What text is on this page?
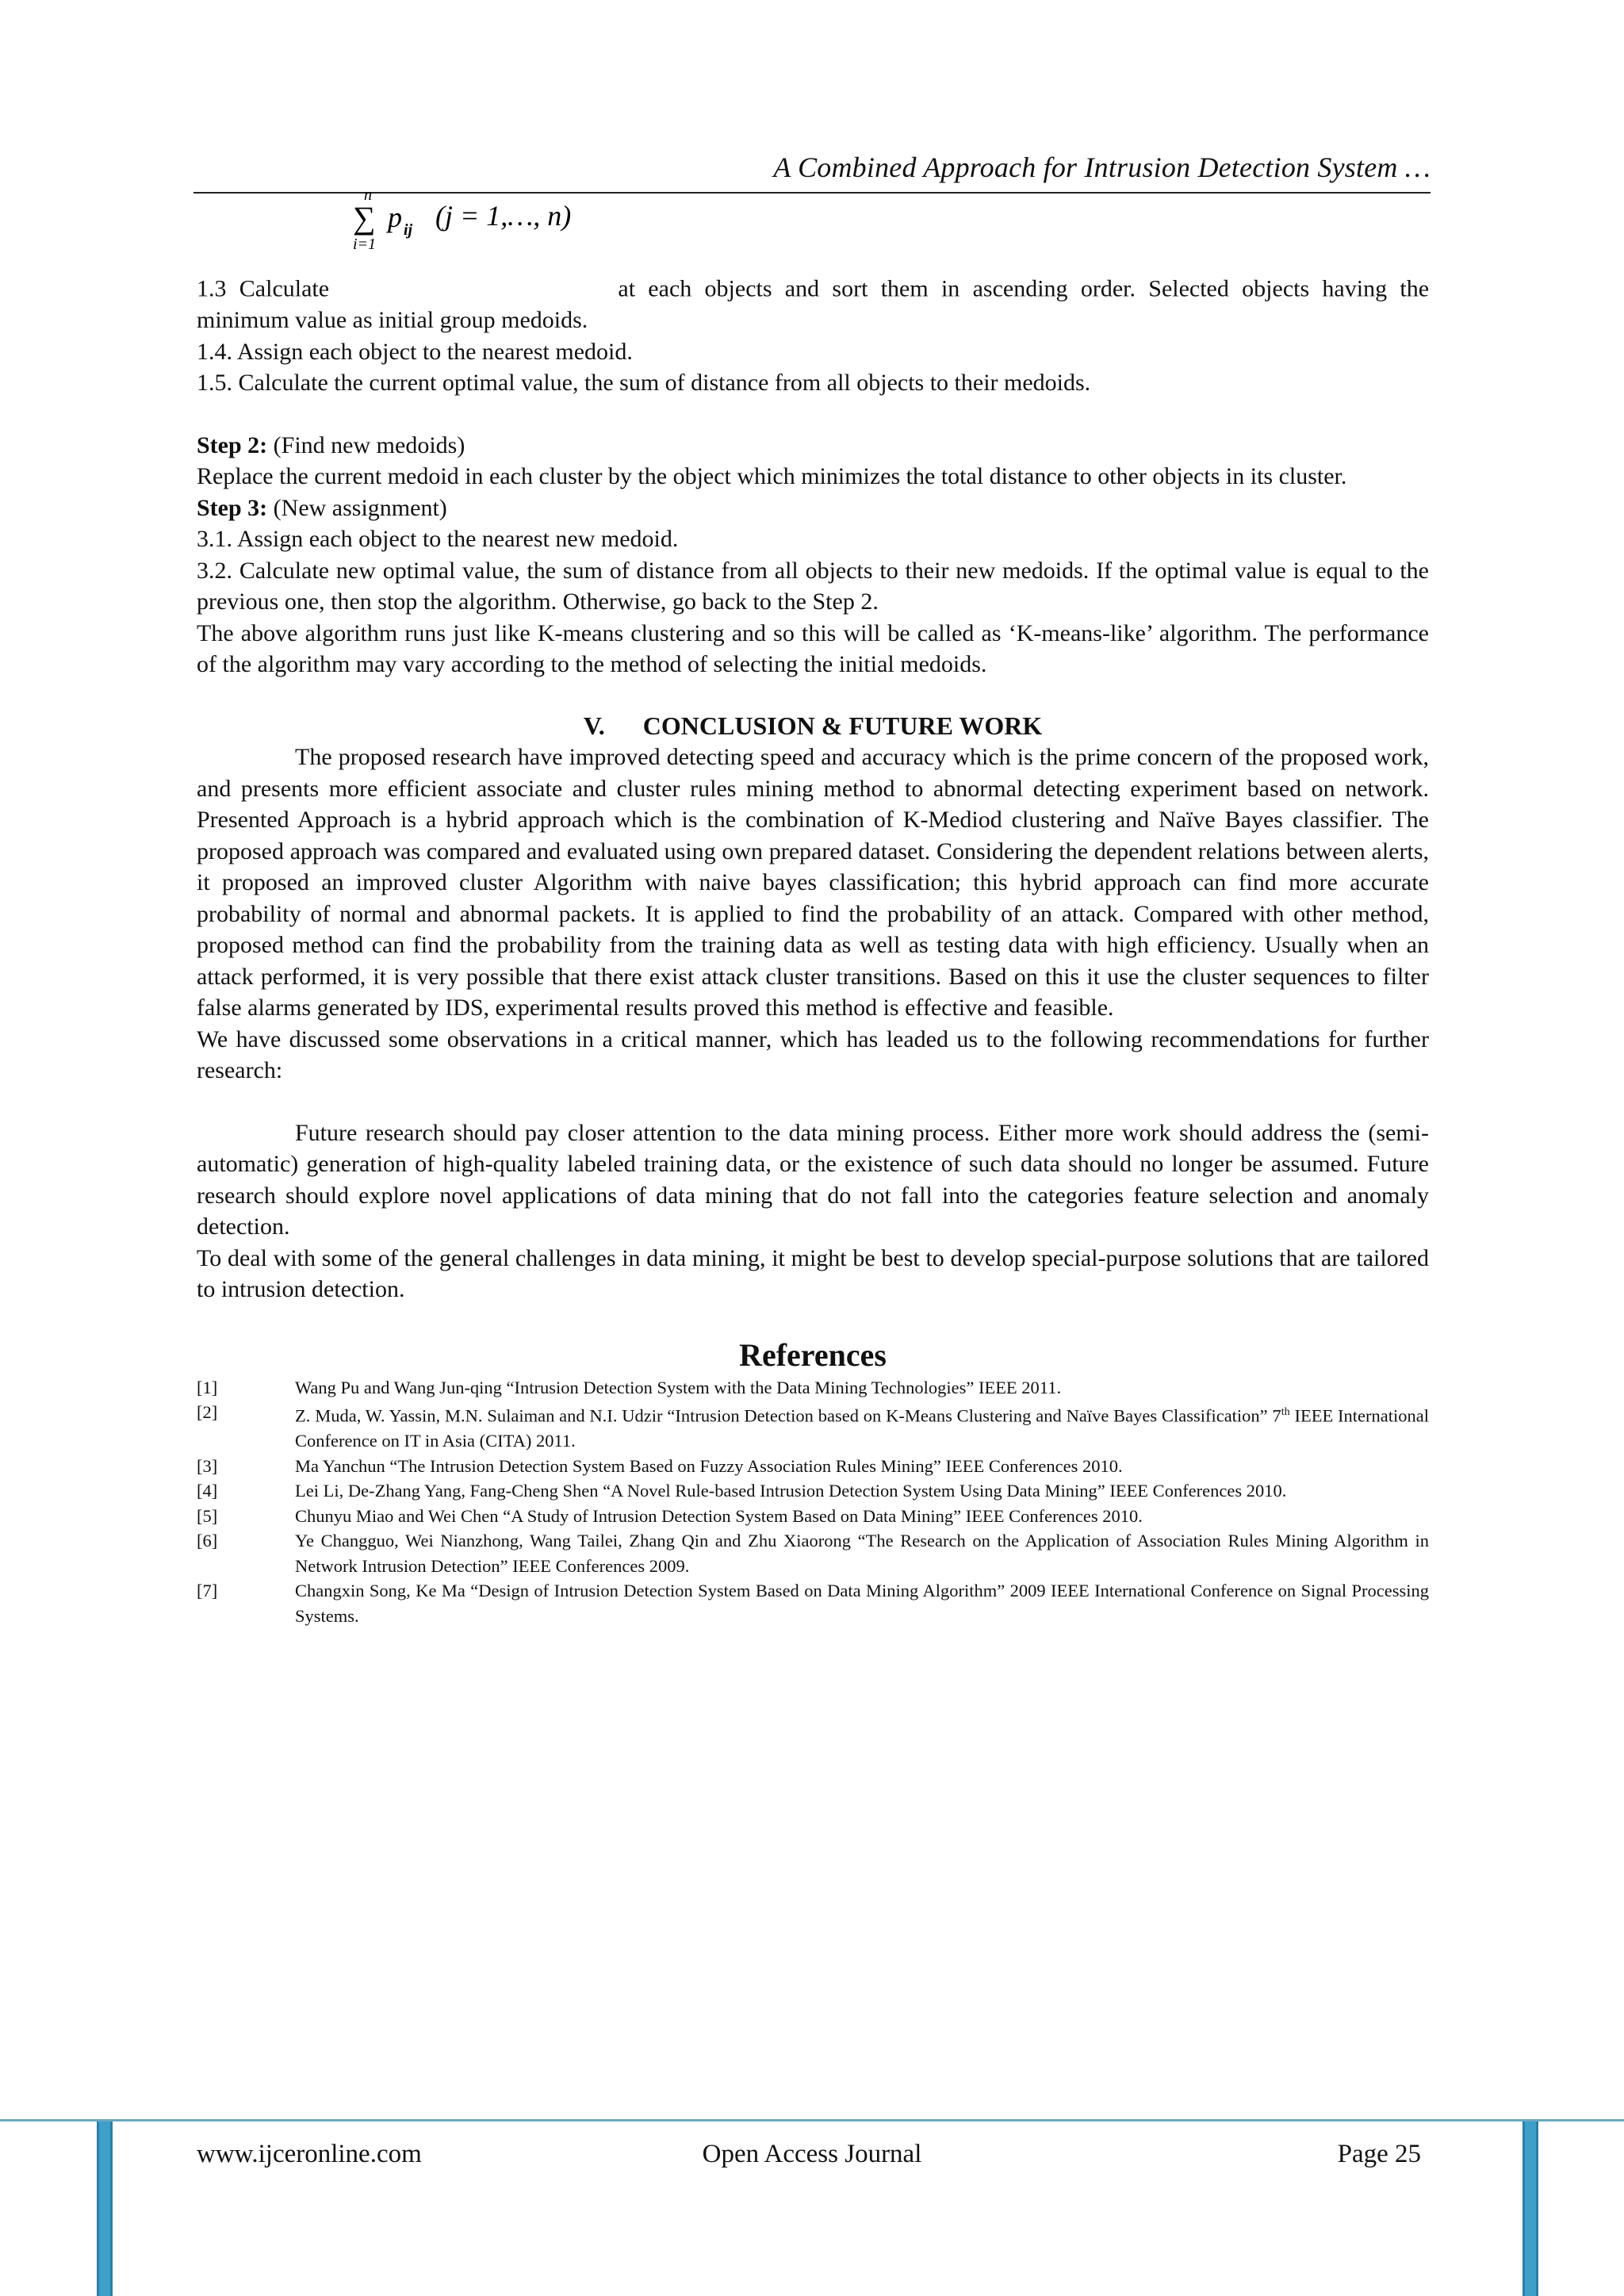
A Combined Approach for Intrusion Detection System …

1.3 Calculate
n
∑
i=1
p ij (j = 1,…, n)
at each objects and sort them in ascending order. Selected objects having the minimum value as initial group medoids.

1.4. Assign each object to the nearest medoid.

1.5. Calculate the current optimal value, the sum of distance from all objects to their medoids.

Step 2: (Find new medoids)

Replace the current medoid in each cluster by the object which minimizes the total distance to other objects in its cluster.

Step 3: (New assignment)

3.1. Assign each object to the nearest new medoid.

3.2. Calculate new optimal value, the sum of distance from all objects to their new medoids. If the optimal value is equal to the previous one, then stop the algorithm. Otherwise, go back to the Step 2.

The above algorithm runs just like K-means clustering and so this will be called as ‘K-means-like’ algorithm. The performance of the algorithm may vary according to the method of selecting the initial medoids.

V.      CONCLUSION & FUTURE WORK

The proposed research have improved detecting speed and accuracy which is the prime concern of the proposed work, and presents more efficient associate and cluster rules mining method to abnormal detecting experiment based on network. Presented Approach is a hybrid approach which is the combination of K-Mediod clustering and Naïve Bayes classifier. The proposed approach was compared and evaluated using own prepared dataset. Considering the dependent relations between alerts, it proposed an improved cluster Algorithm with naive bayes classification; this hybrid approach can find more accurate probability of normal and abnormal packets. It is applied to find the probability of an attack. Compared with other method, proposed method can find the probability from the training data as well as testing data with high efficiency. Usually when an attack performed, it is very possible that there exist attack cluster transitions. Based on this it use the cluster sequences to filter false alarms generated by IDS, experimental results proved this method is effective and feasible.

We have discussed some observations in a critical manner, which has leaded us to the following recommendations for further research:

Future research should pay closer attention to the data mining process. Either more work should address the (semi-automatic) generation of high-quality labeled training data, or the existence of such data should no longer be assumed. Future research should explore novel applications of data mining that do not fall into the categories feature selection and anomaly detection.

To deal with some of the general challenges in data mining, it might be best to develop special-purpose solutions that are tailored to intrusion detection.

References
[1]	Wang Pu and Wang Jun-qing “Intrusion Detection System with the Data Mining Technologies” IEEE 2011.
[2]	Z. Muda, W. Yassin, M.N. Sulaiman and N.I. Udzir “Intrusion Detection based on K-Means Clustering and Naïve Bayes Classification” 7th IEEE International Conference on IT in Asia (CITA) 2011.
[3]	Ma Yanchun “The Intrusion Detection System Based on Fuzzy Association Rules Mining” IEEE Conferences 2010.
[4]	Lei Li, De-Zhang Yang, Fang-Cheng Shen “A Novel Rule-based Intrusion Detection System Using Data Mining” IEEE Conferences 2010.
[5]	Chunyu Miao and Wei Chen “A Study of Intrusion Detection System Based on Data Mining” IEEE Conferences 2010.
[6]	Ye Changguo, Wei Nianzhong, Wang Tailei, Zhang Qin and Zhu Xiaorong “The Research on the Application of Association Rules Mining Algorithm in Network Intrusion Detection” IEEE Conferences 2009.
[7]	Changxin Song, Ke Ma “Design of Intrusion Detection System Based on Data Mining Algorithm” 2009 IEEE International Conference on Signal Processing Systems.
Open Access Journal
www.ijceronline.com	Page 25
